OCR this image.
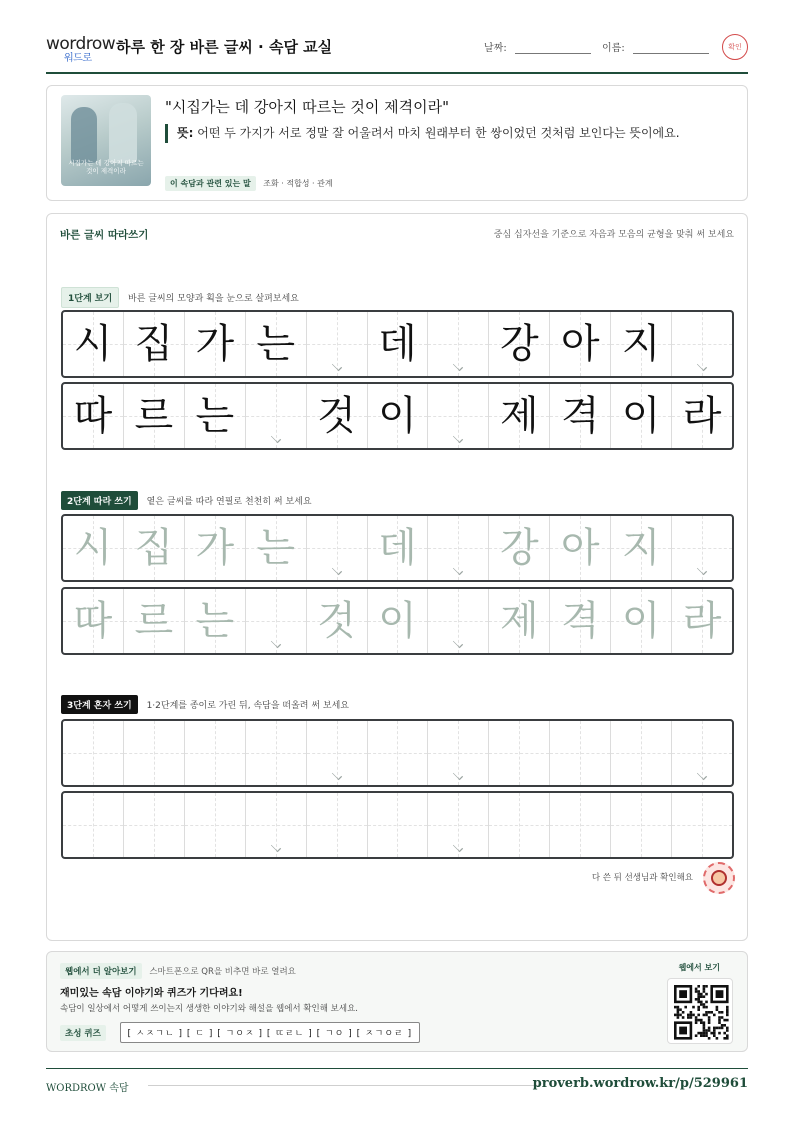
wordrow
워드로
하루 한 장 바른 글씨 · 속담 교실	날짜:	이름:	확인
시집가는 데 강아지 따르는 것이 제격이라
"시집가는 데 강아지 따르는 것이 제격이라"
뜻: 어떤 두 가지가 서로 정말 잘 어울려서 마치 원래부터 한 쌍이었던 것처럼 보인다는 뜻이에요.
이 속담과 관련 있는 말 조화 · 적합성 · 관계
바른 글씨 따라쓰기	중심 십자선을 기준으로 자음과 모음의 균형을 맞춰 써 보세요
1단계 보기 바른 글씨의 모양과 획을 눈으로 살펴보세요
시 집 가 는 데 강 아 지
따 르 는 것 이 제 격 이 라
2단계 따라 쓰기 옅은 글씨를 따라 연필로 천천히 써 보세요
시 집 가 는 데 강 아 지
따 르 는 것 이 제 격 이 라
3단계 혼자 쓰기 1·2단계를 종이로 가린 뒤, 속담을 떠올려 써 보세요
다 쓴 뒤 선생님과 확인해요
웹에서 더 알아보기 스마트폰으로 QR을 비추면 바로 열려요
재미있는 속담 이야기와 퀴즈가 기다려요!
속담이 일상에서 어떻게 쓰이는지 생생한 이야기와 해설을 웹에서 확인해 보세요.
초성 퀴즈	[ ㅅㅈㄱㄴ ] [ ㄷ ] [ ㄱㅇㅈ ] [ ㄸㄹㄴ ] [ ㄱㅇ ] [ ㅈㄱㅇㄹ ]
웹에서 보기
WORDROW 속담	proverb.wordrow.kr/p/529961
